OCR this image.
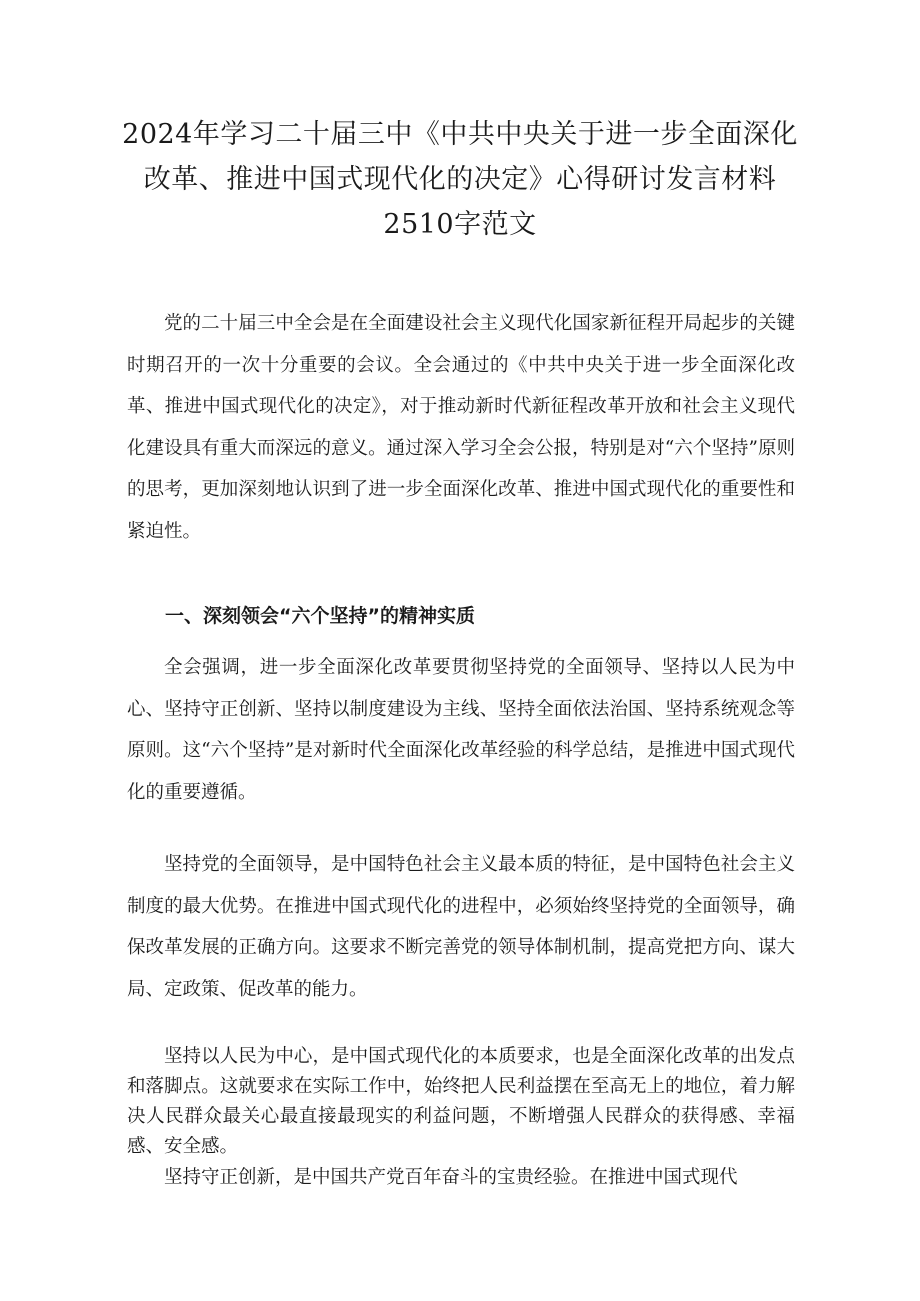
2024年学习二十届三中《中共中央关于进一步全面深化改革、推进中国式现代化的决定》心得研讨发言材料2510字范文

党的二十届三中全会是在全面建设社会主义现代化国家新征程开局起步的关键时期召开的一次十分重要的会议。全会通过的《中共中央关于进一步全面深化改革、推进中国式现代化的决定》，对于推动新时代新征程改革开放和社会主义现代化建设具有重大而深远的意义。通过深入学习全会公报，特别是对“六个坚持”原则的思考，更加深刻地认识到了进一步全面深化改革、推进中国式现代化的重要性和紧迫性。

一、深刻领会“六个坚持”的精神实质

全会强调，进一步全面深化改革要贯彻坚持党的全面领导、坚持以人民为中心、坚持守正创新、坚持以制度建设为主线、坚持全面依法治国、坚持系统观念等原则。这“六个坚持”是对新时代全面深化改革经验的科学总结，是推进中国式现代化的重要遵循。

坚持党的全面领导，是中国特色社会主义最本质的特征，是中国特色社会主义制度的最大优势。在推进中国式现代化的进程中，必须始终坚持党的全面领导，确保改革发展的正确方向。这要求不断完善党的领导体制机制，提高党把方向、谋大局、定政策、促改革的能力。

坚持以人民为中心，是中国式现代化的本质要求，也是全面深化改革的出发点和落脚点。这就要求在实际工作中，始终把人民利益摆在至高无上的地位，着力解决人民群众最关心最直接最现实的利益问题，不断增强人民群众的获得感、幸福感、安全感。

坚持守正创新，是中国共产党百年奋斗的宝贵经验。在推进中国式现代
